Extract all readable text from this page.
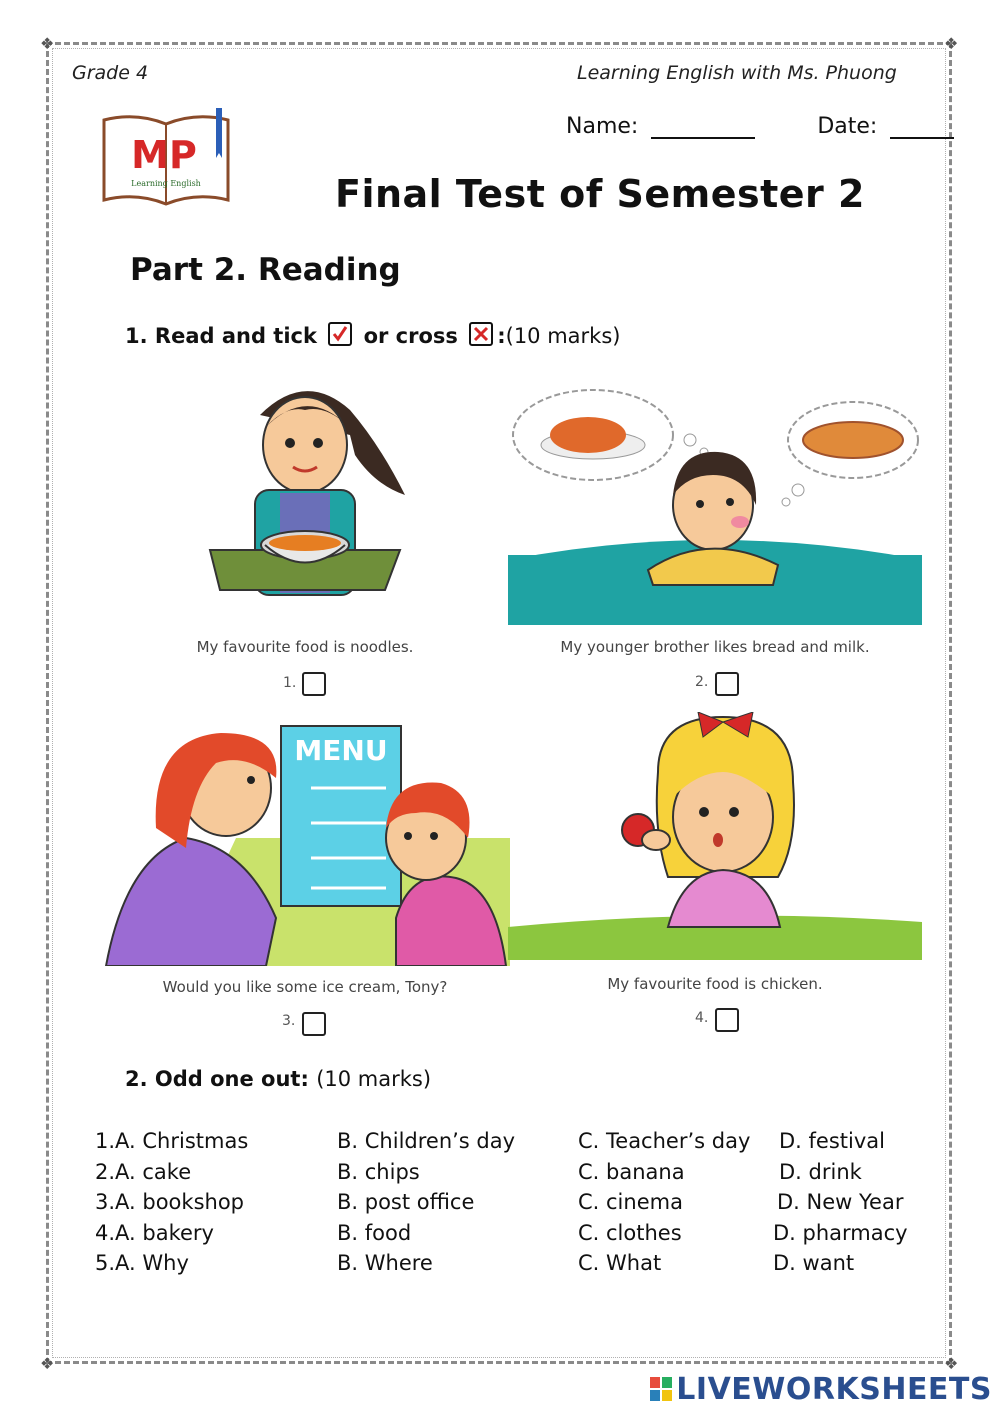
❖	❖
❖	❖
Grade 4	Learning English with Ms. Phuong
Name:	Date:
MP
Learning English	Final Test of Semester 2
Part 2. Reading
1. Read and tick or cross :(10 marks)
My favourite food is noodles.
1.
My younger brother likes bread and milk.
2.
MENU
Would you like some ice cream, Tony?
3.
My favourite food is chicken.
4.
2. Odd one out: (10 marks)
1.A. Christmas	B. Children’s day	C. Teacher’s day D. festival
2.A. cake	B. chips	C. banana	D. drink
3.A. bookshop	B. post office	C. cinema	D. New Year
4.A. bakery	B. food	C. clothes	D. pharmacy
5.A. Why	B. Where	C. What	D. want
LIVEWORKSHEETS
